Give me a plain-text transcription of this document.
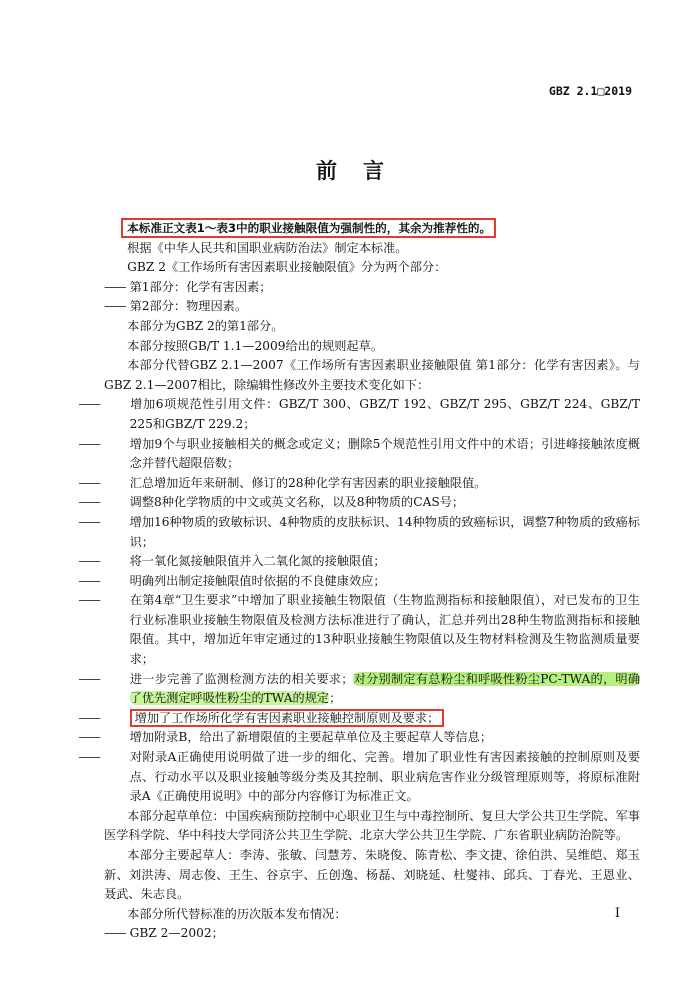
GBZ 2.1□2019
前言

本标准正文表1～表3中的职业接触限值为强制性的，其余为推荐性的。

根据《中华人民共和国职业病防治法》制定本标准。

GBZ 2《工作场所有害因素职业接触限值》分为两个部分：

—— 第1部分：化学有害因素；

—— 第2部分：物理因素。

本部分为GBZ 2的第1部分。

本部分按照GB/T 1.1—2009给出的规则起草。

本部分代替GBZ 2.1—2007《工作场所有害因素职业接触限值 第1部分：化学有害因素》。与GBZ 2.1—2007相比，除编辑性修改外主要技术变化如下：

——	增加6项规范性引用文件：GBZ/T 300、GBZ/T 192、GBZ/T 295、GBZ/T 224、GBZ/T 225和GBZ/T 229.2；

——	增加9个与职业接触相关的概念或定义；删除5个规范性引用文件中的术语；引进峰接触浓度概念并替代超限倍数；

——	汇总增加近年来研制、修订的28种化学有害因素的职业接触限值。

——	调整8种化学物质的中文或英文名称，以及8种物质的CAS号；

——	增加16种物质的致敏标识、4种物质的皮肤标识、14种物质的致癌标识，调整7种物质的致癌标识；

——	将一氧化氮接触限值并入二氧化氮的接触限值；

——	明确列出制定接触限值时依据的不良健康效应；

——	在第4章“卫生要求”中增加了职业接触生物限值（生物监测指标和接触限值），对已发布的卫生行业标准职业接触生物限值及检测方法标准进行了确认，汇总并列出28种生物监测指标和接触限值。其中，增加近年审定通过的13种职业接触生物限值以及生物材料检测及生物监测质量要求；

——	进一步完善了监测检测方法的相关要求；对分别制定有总粉尘和呼吸性粉尘PC-TWA的，明确了优先测定呼吸性粉尘的TWA的规定；

——	增加了工作场所化学有害因素职业接触控制原则及要求；

——	增加附录B，给出了新增限值的主要起草单位及主要起草人等信息；

——	对附录A正确使用说明做了进一步的细化、完善。增加了职业性有害因素接触的控制原则及要点、行动水平以及职业接触等级分类及其控制、职业病危害作业分级管理原则等，将原标准附录A《正确使用说明》中的部分内容修订为标准正文。

本部分起草单位：中国疾病预防控制中心职业卫生与中毒控制所、复旦大学公共卫生学院、军事医学科学院、华中科技大学同济公共卫生学院、北京大学公共卫生学院、广东省职业病防治院等。

本部分主要起草人：李涛、张敏、闫慧芳、朱晓俊、陈青松、李文捷、徐伯洪、吴维皑、郑玉新、刘洪涛、周志俊、王生、谷京宇、丘创逸、杨磊、刘晓延、杜燮祎、邱兵、丁春光、王恩业、聂武、朱志良。

本部分所代替标准的历次版本发布情况：

—— GBZ 2—2002；

I
